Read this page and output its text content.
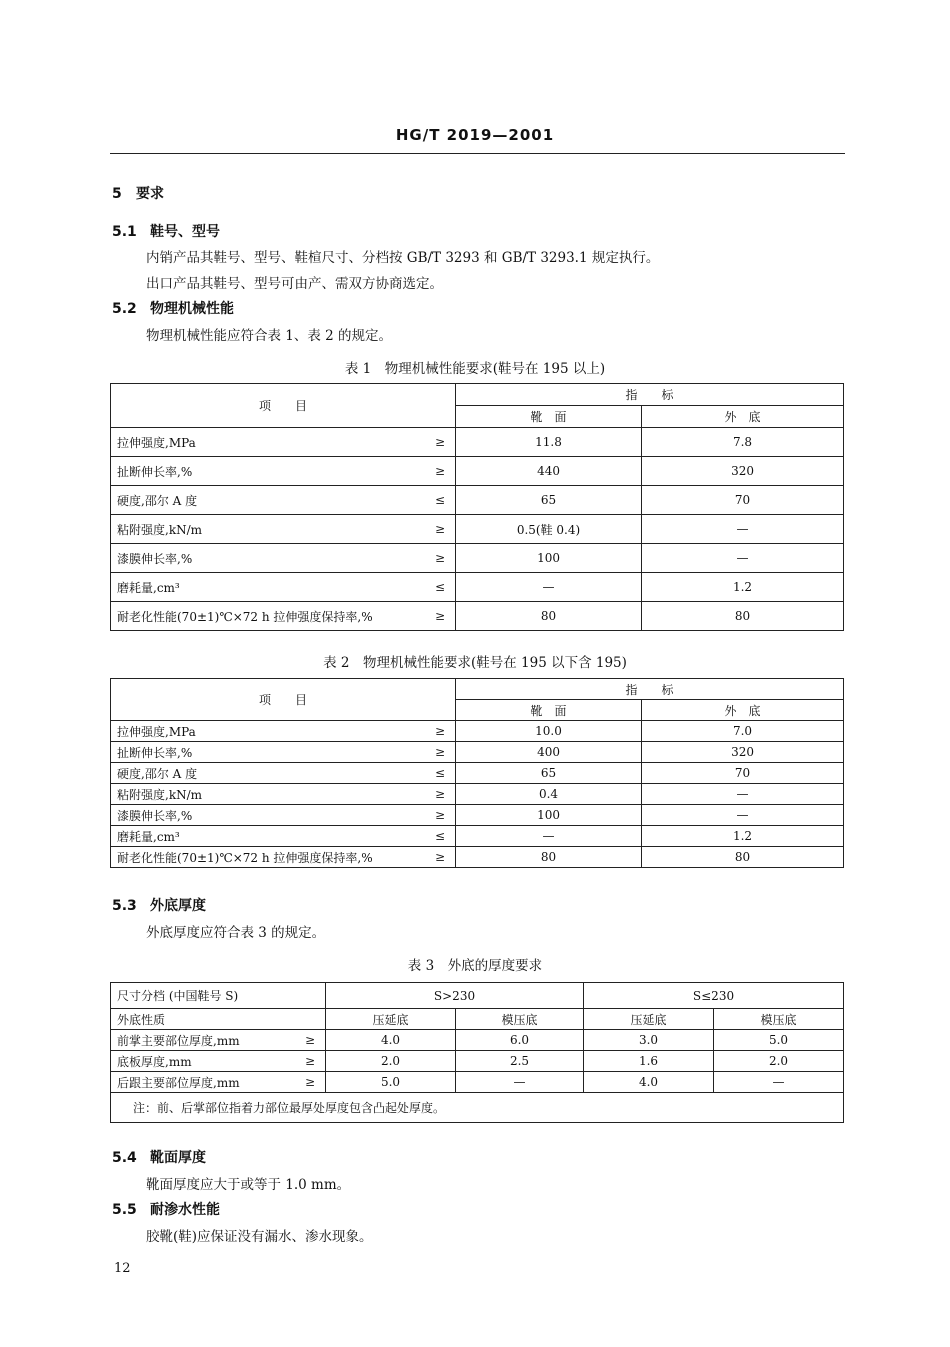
HG/T 2019—2001
5 要求
5.1 鞋号、型号
内销产品其鞋号、型号、鞋楦尺寸、分档按 GB/T 3293 和 GB/T 3293.1 规定执行。
出口产品其鞋号、型号可由产、需双方协商选定。
5.2 物理机械性能
物理机械性能应符合表 1、表 2 的规定。
表 1　物理机械性能要求(鞋号在 195 以上)
项　　目		指　　标	
		靴　面	外　底
拉伸强度,MPa	≥	11.8	7.8
扯断伸长率,%	≥	440	320
硬度,邵尔 A 度	≤	65	70
粘附强度,kN/m	≥	0.5(鞋 0.4)	—
漆膜伸长率,%	≥	100	—
磨耗量,cm³	≤	—	1.2
耐老化性能(70±1)℃×72 h 拉伸强度保持率,%	≥	80	80
表 2　物理机械性能要求(鞋号在 195 以下含 195)
项　　目		指　　标	
		靴　面	外　底
拉伸强度,MPa	≥	10.0	7.0
扯断伸长率,%	≥	400	320
硬度,邵尔 A 度	≤	65	70
粘附强度,kN/m	≥	0.4	—
漆膜伸长率,%	≥	100	—
磨耗量,cm³	≤	—	1.2
耐老化性能(70±1)℃×72 h 拉伸强度保持率,%	≥	80	80
5.3 外底厚度
外底厚度应符合表 3 的规定。
表 3　外底的厚度要求
尺寸分档 (中国鞋号 S)		S>230		S≤230	
外底性质		压延底	模压底	压延底	模压底
前掌主要部位厚度,mm	≥	4.0	6.0	3.0	5.0
底板厚度,mm	≥	2.0	2.5	1.6	2.0
后跟主要部位厚度,mm	≥	5.0	—	4.0	—
注：前、后掌部位指着力部位最厚处厚度包含凸起处厚度。					
5.4 靴面厚度
靴面厚度应大于或等于 1.0 mm。
5.5 耐渗水性能
胶靴(鞋)应保证没有漏水、渗水现象。
12
